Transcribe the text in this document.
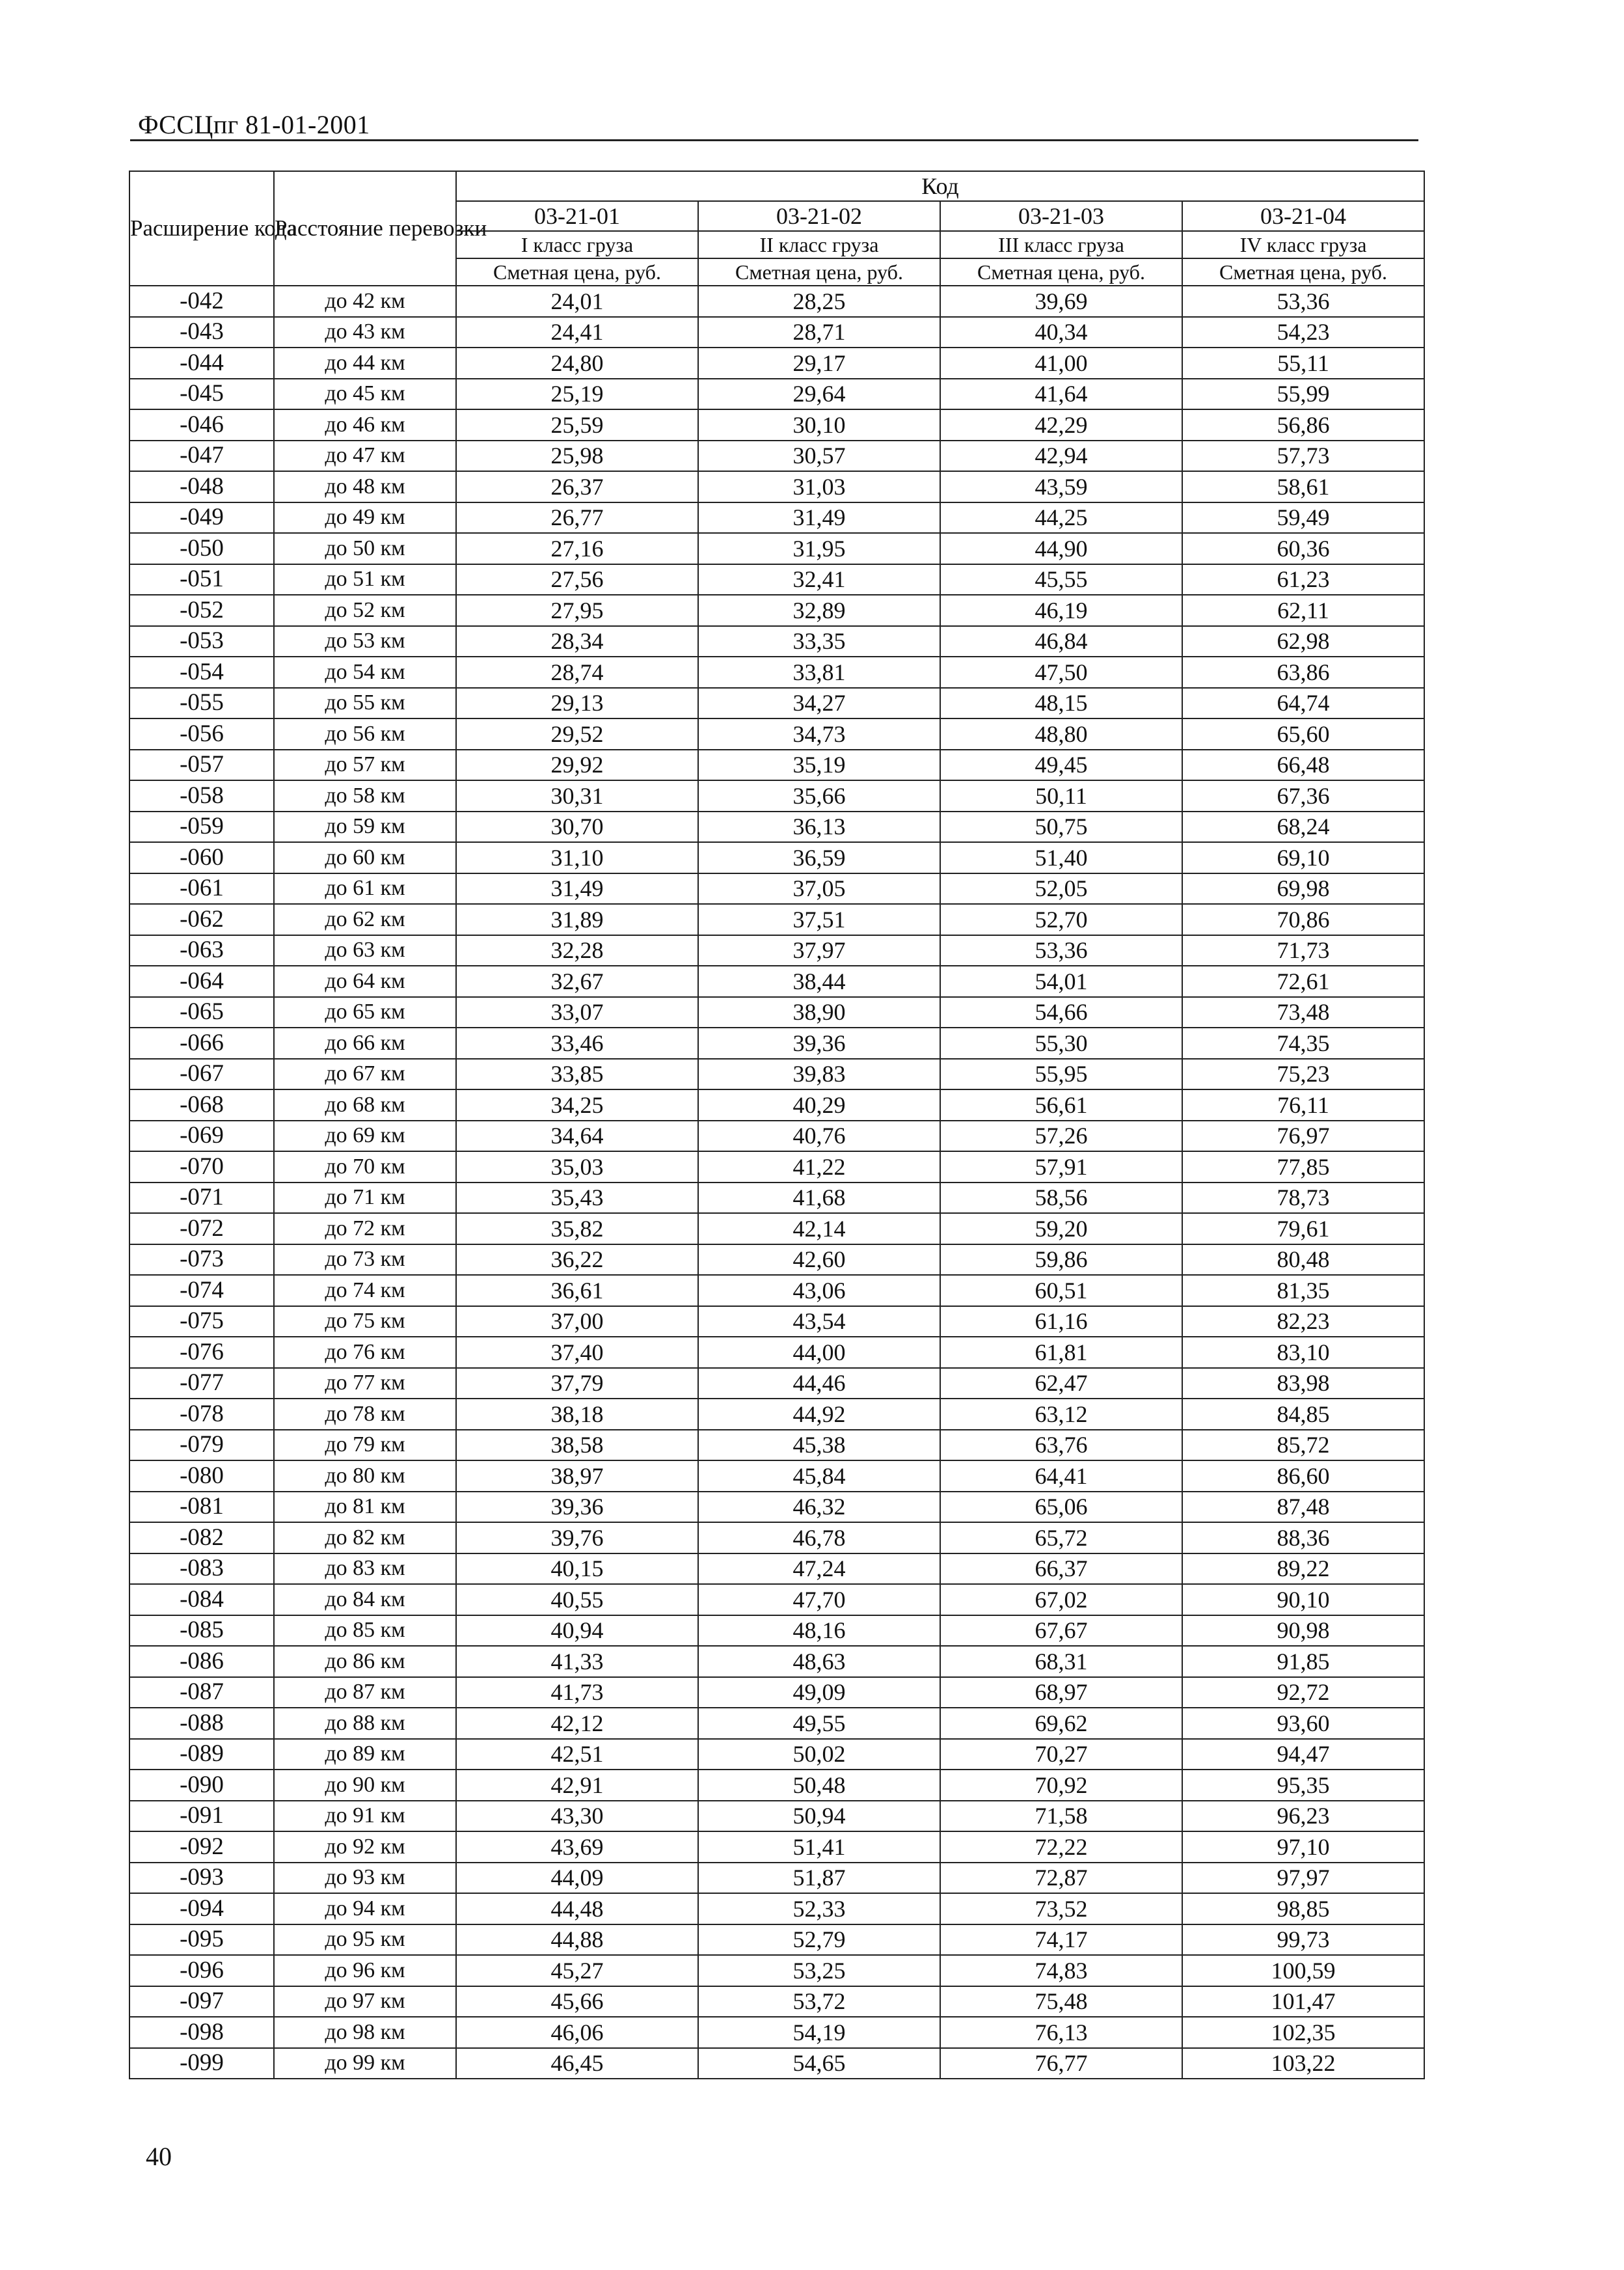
ФССЦпг 81-01-2001
Расширение кода	Расстояние перевозки	Код			
		03-21-01	03-21-02	03-21-03	03-21-04
		I класс груза	II класс груза	III класс груза	IV класс груза
		Сметная цена, руб.	Сметная цена, руб.	Сметная цена, руб.	Сметная цена, руб.
-042	до 42 км	24,01	28,25	39,69	53,36
-043	до 43 км	24,41	28,71	40,34	54,23
-044	до 44 км	24,80	29,17	41,00	55,11
-045	до 45 км	25,19	29,64	41,64	55,99
-046	до 46 км	25,59	30,10	42,29	56,86
-047	до 47 км	25,98	30,57	42,94	57,73
-048	до 48 км	26,37	31,03	43,59	58,61
-049	до 49 км	26,77	31,49	44,25	59,49
-050	до 50 км	27,16	31,95	44,90	60,36
-051	до 51 км	27,56	32,41	45,55	61,23
-052	до 52 км	27,95	32,89	46,19	62,11
-053	до 53 км	28,34	33,35	46,84	62,98
-054	до 54 км	28,74	33,81	47,50	63,86
-055	до 55 км	29,13	34,27	48,15	64,74
-056	до 56 км	29,52	34,73	48,80	65,60
-057	до 57 км	29,92	35,19	49,45	66,48
-058	до 58 км	30,31	35,66	50,11	67,36
-059	до 59 км	30,70	36,13	50,75	68,24
-060	до 60 км	31,10	36,59	51,40	69,10
-061	до 61 км	31,49	37,05	52,05	69,98
-062	до 62 км	31,89	37,51	52,70	70,86
-063	до 63 км	32,28	37,97	53,36	71,73
-064	до 64 км	32,67	38,44	54,01	72,61
-065	до 65 км	33,07	38,90	54,66	73,48
-066	до 66 км	33,46	39,36	55,30	74,35
-067	до 67 км	33,85	39,83	55,95	75,23
-068	до 68 км	34,25	40,29	56,61	76,11
-069	до 69 км	34,64	40,76	57,26	76,97
-070	до 70 км	35,03	41,22	57,91	77,85
-071	до 71 км	35,43	41,68	58,56	78,73
-072	до 72 км	35,82	42,14	59,20	79,61
-073	до 73 км	36,22	42,60	59,86	80,48
-074	до 74 км	36,61	43,06	60,51	81,35
-075	до 75 км	37,00	43,54	61,16	82,23
-076	до 76 км	37,40	44,00	61,81	83,10
-077	до 77 км	37,79	44,46	62,47	83,98
-078	до 78 км	38,18	44,92	63,12	84,85
-079	до 79 км	38,58	45,38	63,76	85,72
-080	до 80 км	38,97	45,84	64,41	86,60
-081	до 81 км	39,36	46,32	65,06	87,48
-082	до 82 км	39,76	46,78	65,72	88,36
-083	до 83 км	40,15	47,24	66,37	89,22
-084	до 84 км	40,55	47,70	67,02	90,10
-085	до 85 км	40,94	48,16	67,67	90,98
-086	до 86 км	41,33	48,63	68,31	91,85
-087	до 87 км	41,73	49,09	68,97	92,72
-088	до 88 км	42,12	49,55	69,62	93,60
-089	до 89 км	42,51	50,02	70,27	94,47
-090	до 90 км	42,91	50,48	70,92	95,35
-091	до 91 км	43,30	50,94	71,58	96,23
-092	до 92 км	43,69	51,41	72,22	97,10
-093	до 93 км	44,09	51,87	72,87	97,97
-094	до 94 км	44,48	52,33	73,52	98,85
-095	до 95 км	44,88	52,79	74,17	99,73
-096	до 96 км	45,27	53,25	74,83	100,59
-097	до 97 км	45,66	53,72	75,48	101,47
-098	до 98 км	46,06	54,19	76,13	102,35
-099	до 99 км	46,45	54,65	76,77	103,22
40
